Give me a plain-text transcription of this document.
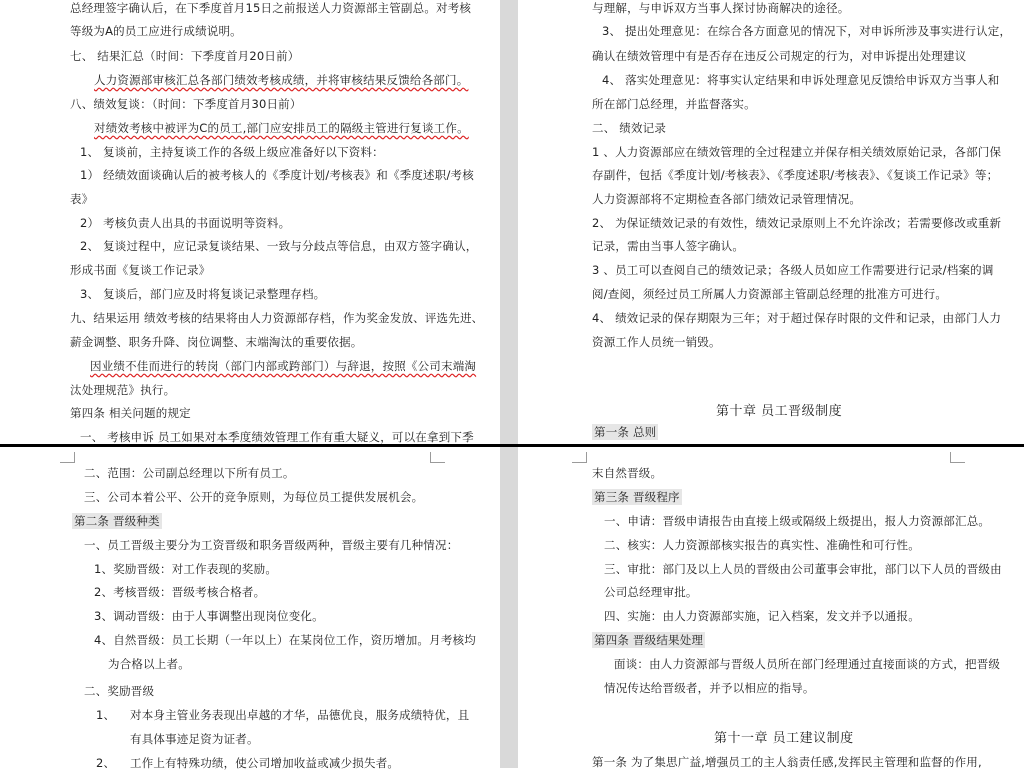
总经理签字确认后，在下季度首月15日之前报送人力资源部主管副总。对考核
等级为A的员工应进行成绩说明。
七、 结果汇总（时间：下季度首月20日前）
人力资源部审核汇总各部门绩效考核成绩，并将审核结果反馈给各部门。
八、绩效复谈：（时间：下季度首月30日前）
对绩效考核中被评为C的员工,部门应安排员工的隔级主管进行复谈工作。
1、 复谈前，主持复谈工作的各级上级应准备好以下资料：
1） 经绩效面谈确认后的被考核人的《季度计划/考核表》和《季度述职/考核
表》
2） 考核负责人出具的书面说明等资料。
2、 复谈过程中，应记录复谈结果、一致与分歧点等信息，由双方签字确认，
形成书面《复谈工作记录》
3、 复谈后，部门应及时将复谈记录整理存档。
九、结果运用 绩效考核的结果将由人力资源部存档，作为奖金发放、评选先进、
薪金调整、职务升降、岗位调整、末端淘汰的重要依据。
因业绩不佳而进行的转岗（部门内部或跨部门）与辞退，按照《公司末端淘
汰处理规范》执行。
第四条 相关问题的规定
一、 考核申诉 员工如果对本季度绩效管理工作有重大疑义，可以在拿到下季
与理解，与申诉双方当事人探讨协商解决的途径。
3、 提出处理意见：在综合各方面意见的情况下，对申诉所涉及事实进行认定，
确认在绩效管理中有是否存在违反公司规定的行为，对申诉提出处理建议
4、 落实处理意见：将事实认定结果和申诉处理意见反馈给申诉双方当事人和
所在部门总经理，并监督落实。
二、 绩效记录
1 、人力资源部应在绩效管理的全过程建立并保存相关绩效原始记录，各部门保
存副件，包括《季度计划/考核表》、《季度述职/考核表》、《复谈工作记录》等；
人力资源部将不定期检查各部门绩效记录管理情况。
2、 为保证绩效记录的有效性，绩效记录原则上不允许涂改；若需要修改或重新
记录，需由当事人签字确认。
3 、员工可以查阅自己的绩效记录；各级人员如应工作需要进行记录/档案的调
阅/查阅，须经过员工所属人力资源部主管副总经理的批准方可进行。
4、 绩效记录的保存期限为三年；对于超过保存时限的文件和记录，由部门人力
资源工作人员统一销毁。
第十章 员工晋级制度
第一条 总则
二、范围：公司副总经理以下所有员工。
三、公司本着公平、公开的竞争原则，为每位员工提供发展机会。
第二条 晋级种类
一、员工晋级主要分为工资晋级和职务晋级两种，晋级主要有几种情况：
1、奖励晋级：对工作表现的奖励。
2、考核晋级：晋级考核合格者。
3、调动晋级：由于人事调整出现岗位变化。
4、自然晋级：员工长期（一年以上）在某岗位工作，资历增加。月考核均
为合格以上者。
二、奖励晋级
1、 对本身主管业务表现出卓越的才华，品德优良，服务成绩特优，且
有具体事迹足资为证者。
2、 工作上有特殊功绩，使公司增加收益或减少损失者。
末自然晋级。
第三条 晋级程序
一、申请：晋级申请报告由直接上级或隔级上级提出，报人力资源部汇总。
二、核实：人力资源部核实报告的真实性、准确性和可行性。
三、审批：部门及以上人员的晋级由公司董事会审批，部门以下人员的晋级由
公司总经理审批。
四、实施：由人力资源部实施，记入档案，发文并予以通报。
第四条 晋级结果处理
面谈：由人力资源部与晋级人员所在部门经理通过直接面谈的方式，把晋级
情况传达给晋级者，并予以相应的指导。
第十一章 员工建议制度
第一条 为了集思广益,增强员工的主人翁责任感,发挥民主管理和监督的作用,
